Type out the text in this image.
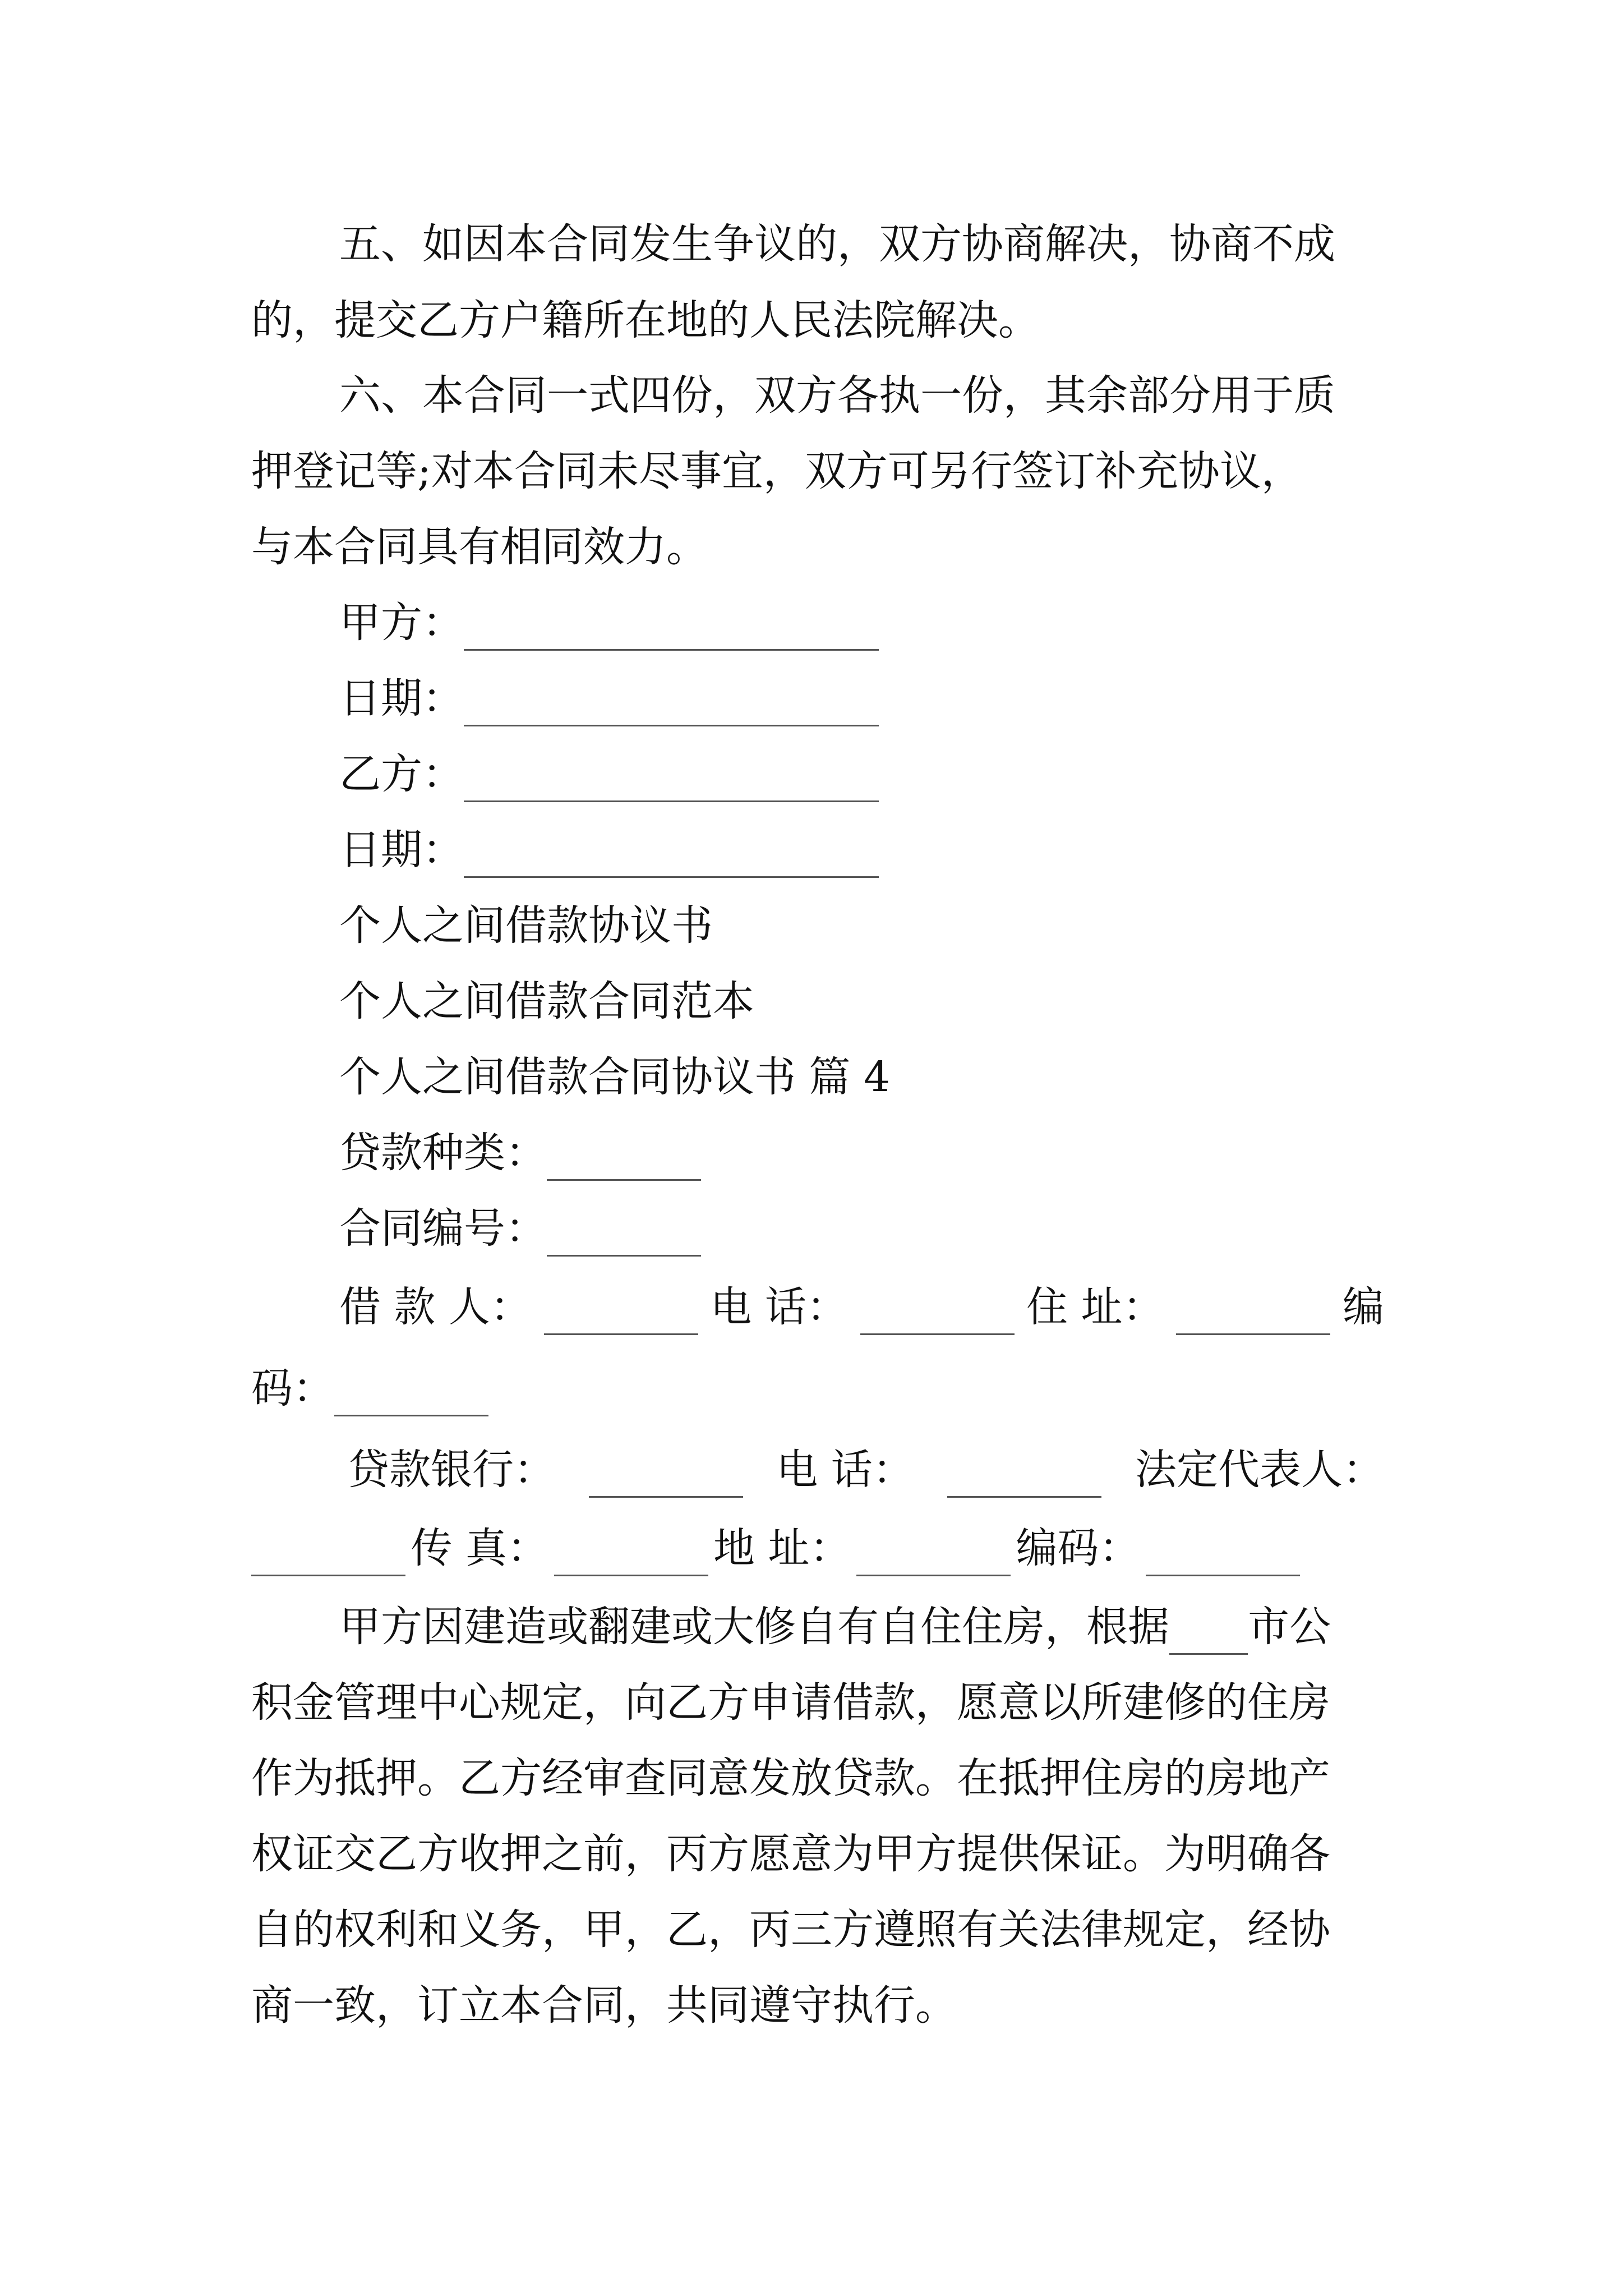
五、如因本合同发生争议的，双方协商解决，协商不成
的，提交乙方户籍所在地的人民法院解决。
六、本合同一式四份，双方各执一份，其余部分用于质
押登记等;对本合同未尽事宜，双方可另行签订补充协议，
与本合同具有相同效力。
甲方：
日期：
乙方：
日期：
个人之间借款协议书
个人之间借款合同范本
个人之间借款合同协议书 篇 4
贷款种类：
合同编号：
借 款 人：	电 话：	住 址：	编
码：
贷款银行：	电 话：	法定代表人：
传 真：	地 址：	编码：
甲方因建造或翻建或大修自有自住住房，根据 市公
积金管理中心规定，向乙方申请借款，愿意以所建修的住房
作为抵押。乙方经审查同意发放贷款。在抵押住房的房地产
权证交乙方收押之前，丙方愿意为甲方提供保证。为明确各
自的权利和义务，甲，乙，丙三方遵照有关法律规定，经协
商一致，订立本合同，共同遵守执行。
